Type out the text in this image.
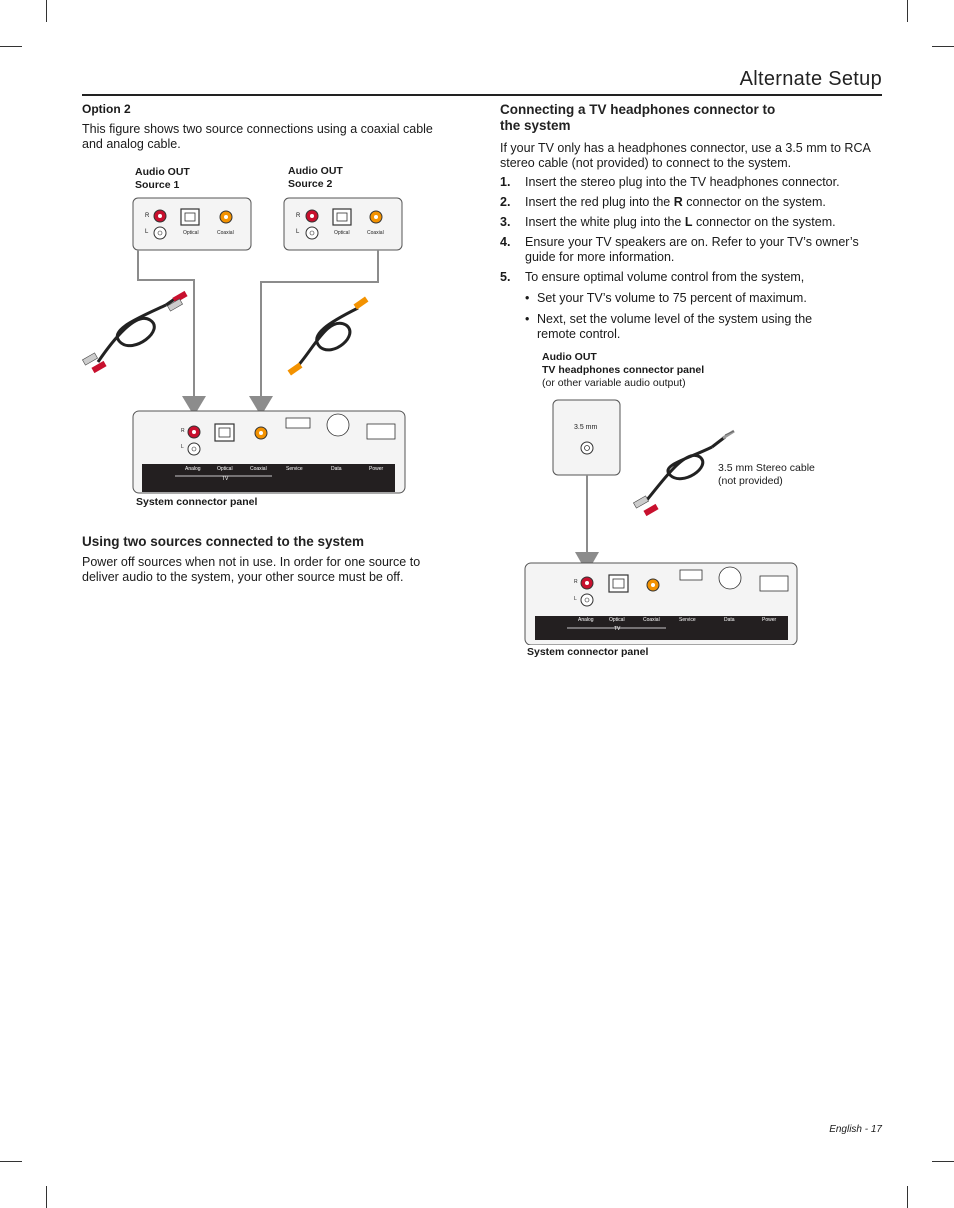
Alternate Setup
Option 2
This figure shows two source connections using a coaxial cable and analog cable.
Audio OUT
Source 1
Audio OUT
Source 2
R
L	Optical	Coaxial
R
L	Optical	Coaxial
R
L
Analog	Optical	Coaxial
TV
Service	Data	Power
System connector panel
Using two sources connected to the system
Power off sources when not in use. In order for one source to deliver audio to the system, your other source must be off.
Connecting a TV headphones connector to
the system
If your TV only has a headphones connector, use a 3.5 mm to RCA stereo cable (not provided) to connect to the system.
1. Insert the stereo plug into the TV headphones connector.
2. Insert the red plug into the R connector on the system.
3. Insert the white plug into the L connector on the system.
4. Ensure your TV speakers are on. Refer to your TV’s owner’s guide for more information.
5. To ensure optimal volume control from the system,
• Set your TV’s volume to 75 percent of maximum.
• Next, set the volume level of the system using the remote control.
Audio OUT
TV headphones connector panel
(or other variable audio output)
3.5 mm
3.5 mm Stereo cable
(not provided)
R
L
Analog	Optical	Coaxial
TV
Service	Data	Power
System connector panel
English - 17
